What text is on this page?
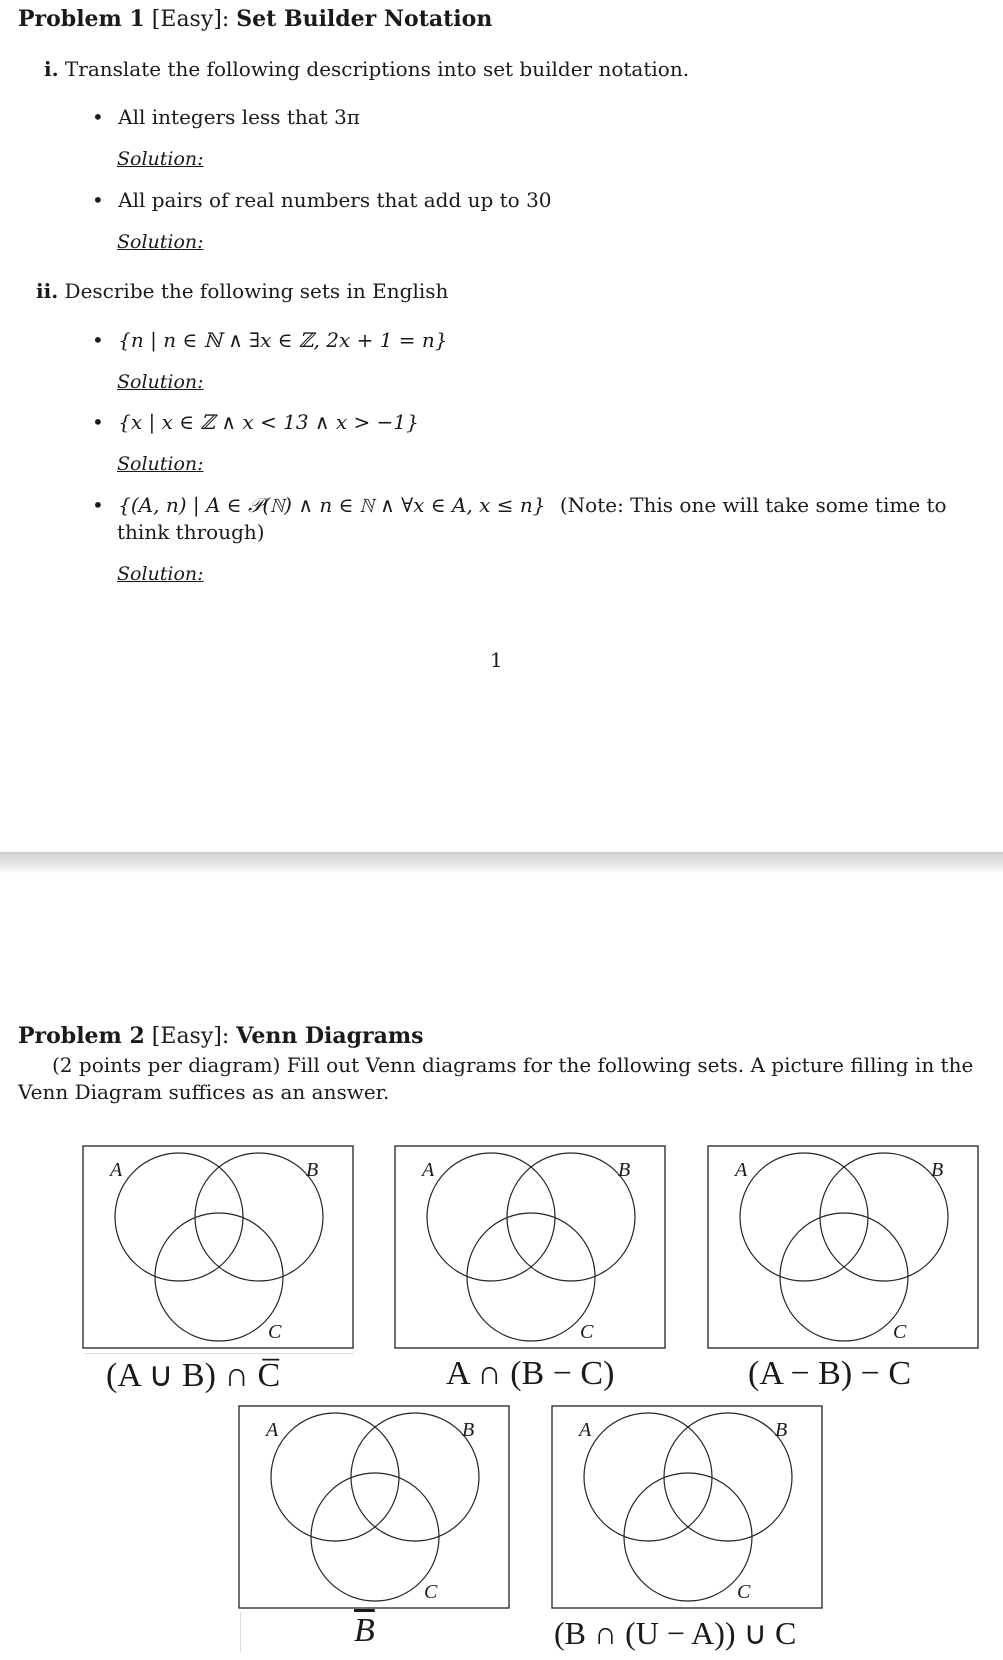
Problem 1 [Easy]: Set Builder Notation
i. Translate the following descriptions into set builder notation.
• All integers less that 3π
Solution:
• All pairs of real numbers that add up to 30
Solution:
ii. Describe the following sets in English
• {n | n ∈ ℕ ∧ ∃x ∈ ℤ, 2x + 1 = n}
Solution:
• {x | x ∈ ℤ ∧ x < 13 ∧ x > −1}
Solution:
• {(A, n) | A ∈ 𝒫(ℕ) ∧ n ∈ ℕ ∧ ∀x ∈ A, x ≤ n} (Note: This one will take some time to
think through)
Solution:
1
Problem 2 [Easy]: Venn Diagrams
(2 points per diagram) Fill out Venn diagrams for the following sets. A picture filling in the
Venn Diagram suffices as an answer.
A	B
C
(A ∪ B) ∩ C̅
A	B
C
A ∩ (B − C)
A	B
C
(A − B) − C
A	B
C
B
A	B
C
(B ∩ (U − A)) ∪ C
